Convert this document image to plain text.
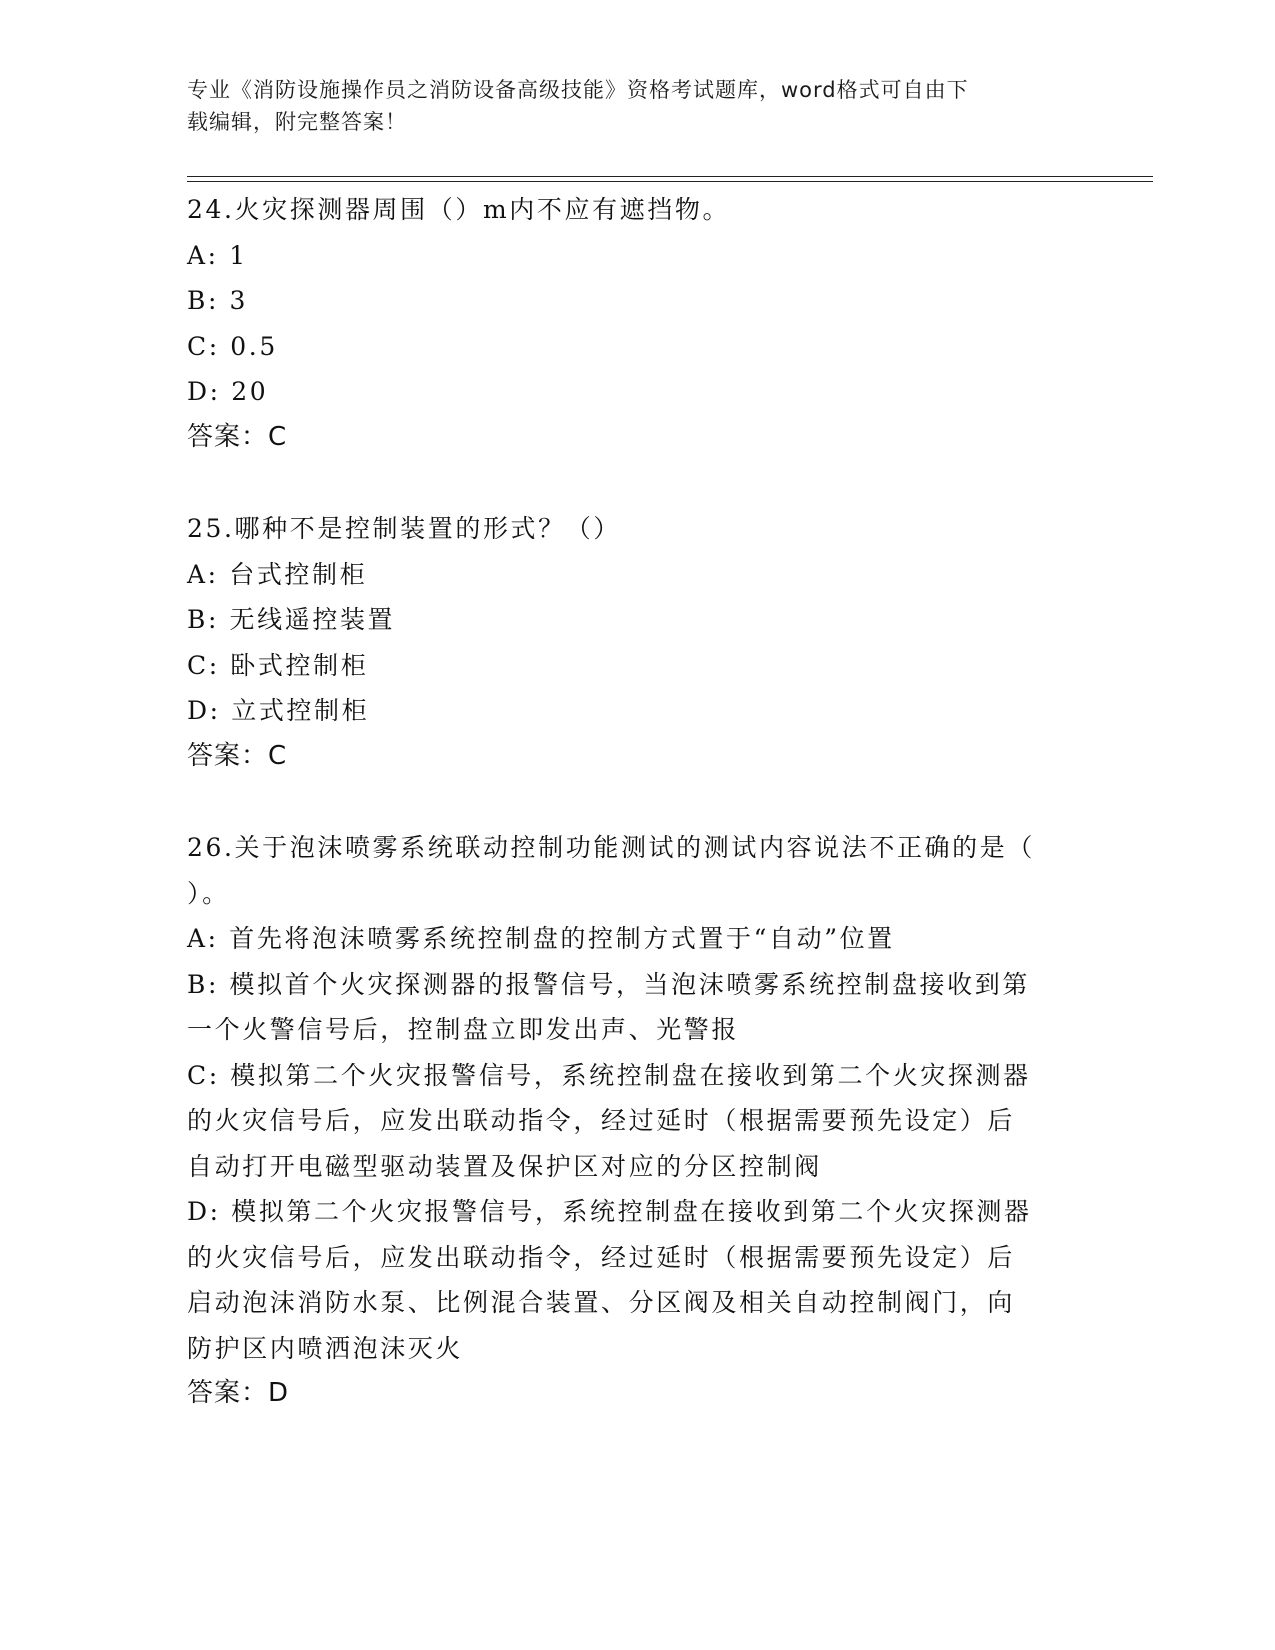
专业《消防设施操作员之消防设备高级技能》资格考试题库，word格式可自由下
载编辑，附完整答案！
24.火灾探测器周围（）m内不应有遮挡物。
A: 1
B: 3
C: 0.5
D: 20
答案：C
25.哪种不是控制装置的形式？（）
A: 台式控制柜
B: 无线遥控装置
C: 卧式控制柜
D: 立式控制柜
答案：C
26.关于泡沫喷雾系统联动控制功能测试的测试内容说法不正确的是（
）。
A: 首先将泡沫喷雾系统控制盘的控制方式置于“自动”位置
B: 模拟首个火灾探测器的报警信号，当泡沫喷雾系统控制盘接收到第
一个火警信号后，控制盘立即发出声、光警报
C: 模拟第二个火灾报警信号，系统控制盘在接收到第二个火灾探测器
的火灾信号后，应发出联动指令，经过延时（根据需要预先设定）后
自动打开电磁型驱动装置及保护区对应的分区控制阀
D: 模拟第二个火灾报警信号，系统控制盘在接收到第二个火灾探测器
的火灾信号后，应发出联动指令，经过延时（根据需要预先设定）后
启动泡沫消防水泵、比例混合装置、分区阀及相关自动控制阀门，向
防护区内喷洒泡沫灭火
答案：D
